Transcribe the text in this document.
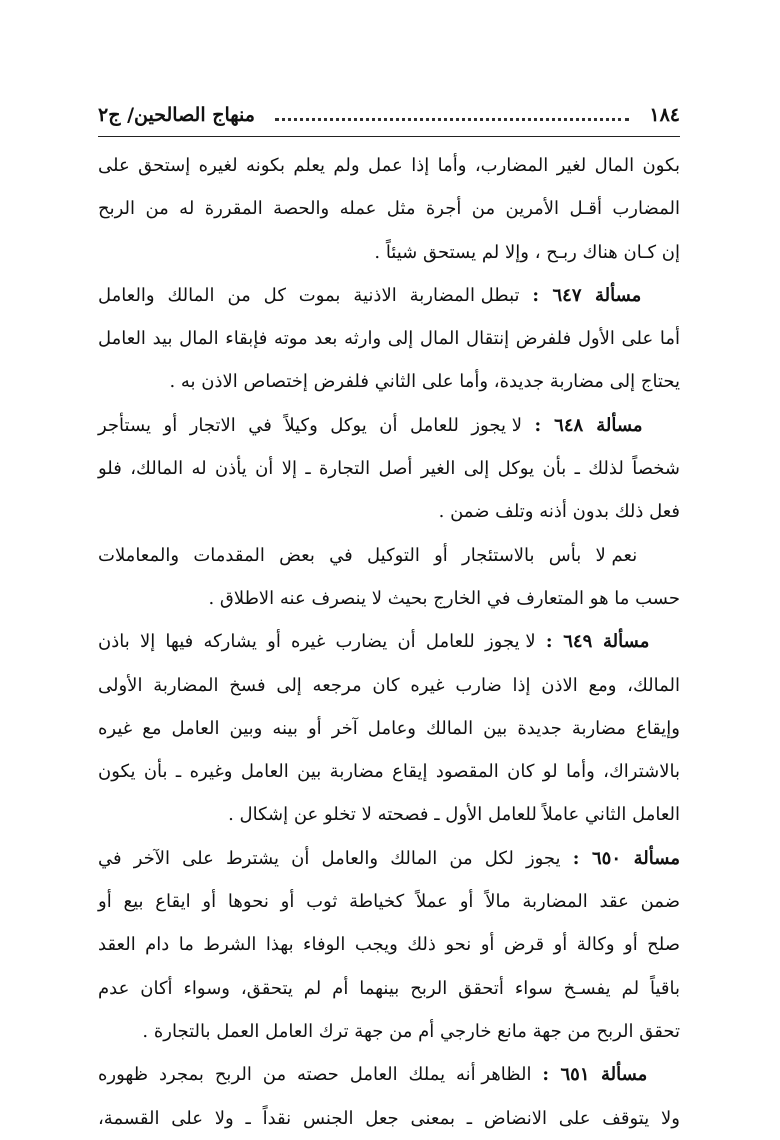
١٨٤
منهاج الصالحين/ ج٢
بكون المال لغير المضارب، وأما إذا عمل ولم يعلم بكونه لغيره إستحق على
المضارب أقـل الأمرين من أجرة مثل عمله والحصة المقررة له من الربح
إن كـان هناك ربـح ، وإلا لم يستحق شيئاً .
​   مسألة ٦٤٧ : تبطل المضاربة الاذنية بموت كل من المالك والعامل
أما على الأول فلفرض إنتقال المال إلى وارثه بعد موته فإبقاء المال بيد العامل
يحتاج إلى مضاربة جديدة، وأما على الثاني فلفرض إختصاص الاذن به .
​   مسألة ٦٤٨ : لا يجوز للعامل أن يوكل وكيلاً في الاتجار أو يستأجر
شخصاً لذلك ـ بأن يوكل إلى الغير أصل التجارة ـ إلا أن يأذن له المالك، فلو
فعل ذلك بدون أذنه وتلف ضمن .
​   نعم لا بأس بالاستئجار أو التوكيل في بعض المقدمات والمعاملات
حسب ما هو المتعارف في الخارج بحيث لا ينصرف عنه الاطلاق .
​   مسألة ٦٤٩ : لا يجوز للعامل أن يضارب غيره أو يشاركه فيها إلا باذن
المالك، ومع الاذن إذا ضارب غيره كان مرجعه إلى فسخ المضاربة الأولى
وإيقاع مضاربة جديدة بين المالك وعامل آخر أو بينه وبين العامل مع غيره
بالاشتراك، وأما لو كان المقصود إيقاع مضاربة بين العامل وغيره ـ بأن يكون
العامل الثاني عاملاً للعامل الأول ـ فصحته لا تخلو عن إشكال .
مسألة ٦٥٠ : يجوز لكل من المالك والعامل أن يشترط على الآخر في
ضمن عقد المضاربة مالاً أو عملاً كخياطة ثوب أو نحوها أو ايقاع بيع أو
صلح أو وكالة أو قرض أو نحو ذلك ويجب الوفاء بهذا الشرط ما دام العقد
باقياً لم يفسـخ سواء أتحقق الربح بينهما أم لم يتحقق، وسواء أكان عدم
تحقق الربح من جهة مانع خارجي أم من جهة ترك العامل العمل بالتجارة .
​   مسألة ٦٥١ : الظاهر أنه يملك العامل حصته من الربح بمجرد ظهوره
ولا يتوقف على الانضاض ـ بمعنى جعل الجنس نقداً ـ ولا على القسمة،
